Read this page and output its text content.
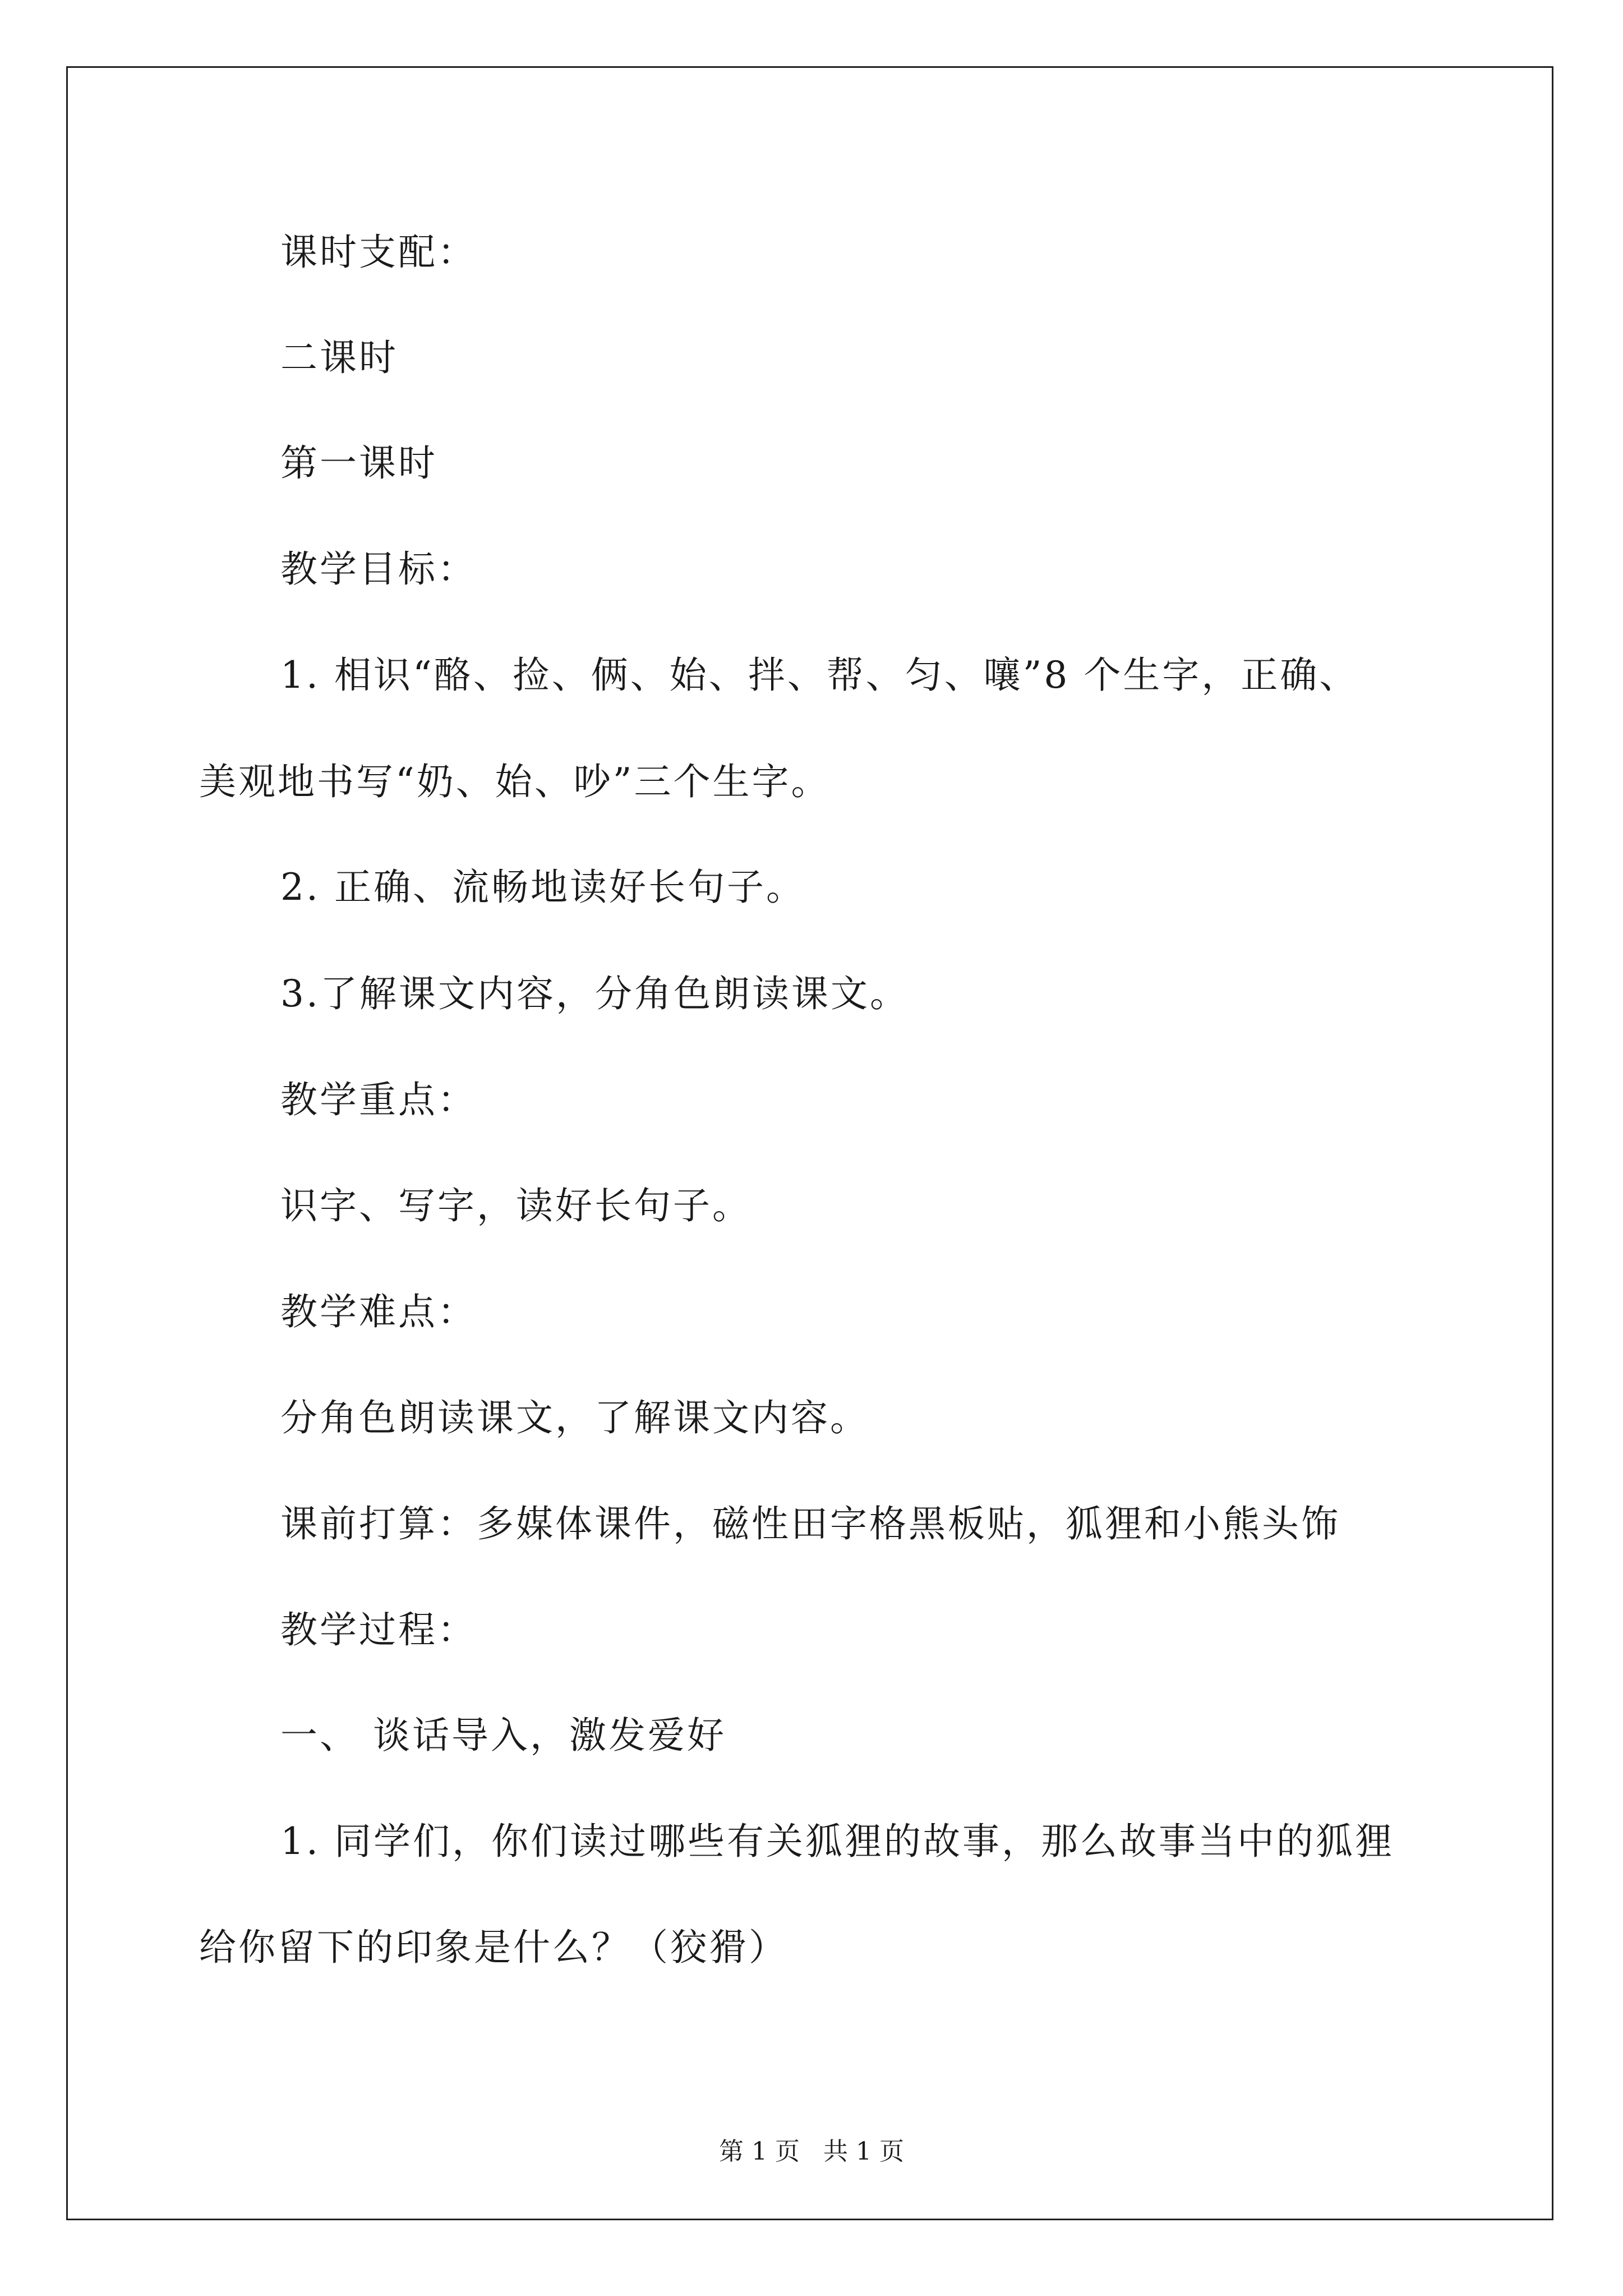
课时支配：
二课时
第一课时
教学目标：
1. 相识“酪、捡、俩、始、拌、帮、匀、嚷”8 个生字，正确、
美观地书写“奶、始、吵”三个生字。
2. 正确、流畅地读好长句子。
3.了解课文内容，分角色朗读课文。
教学重点：
识字、写字，读好长句子。
教学难点：
分角色朗读课文，了解课文内容。
课前打算：多媒体课件，磁性田字格黑板贴，狐狸和小熊头饰
教学过程：
一、 谈话导入，激发爱好
1. 同学们，你们读过哪些有关狐狸的故事，那么故事当中的狐狸
给你留下的印象是什么？（狡猾）
第 1 页   共 1 页
